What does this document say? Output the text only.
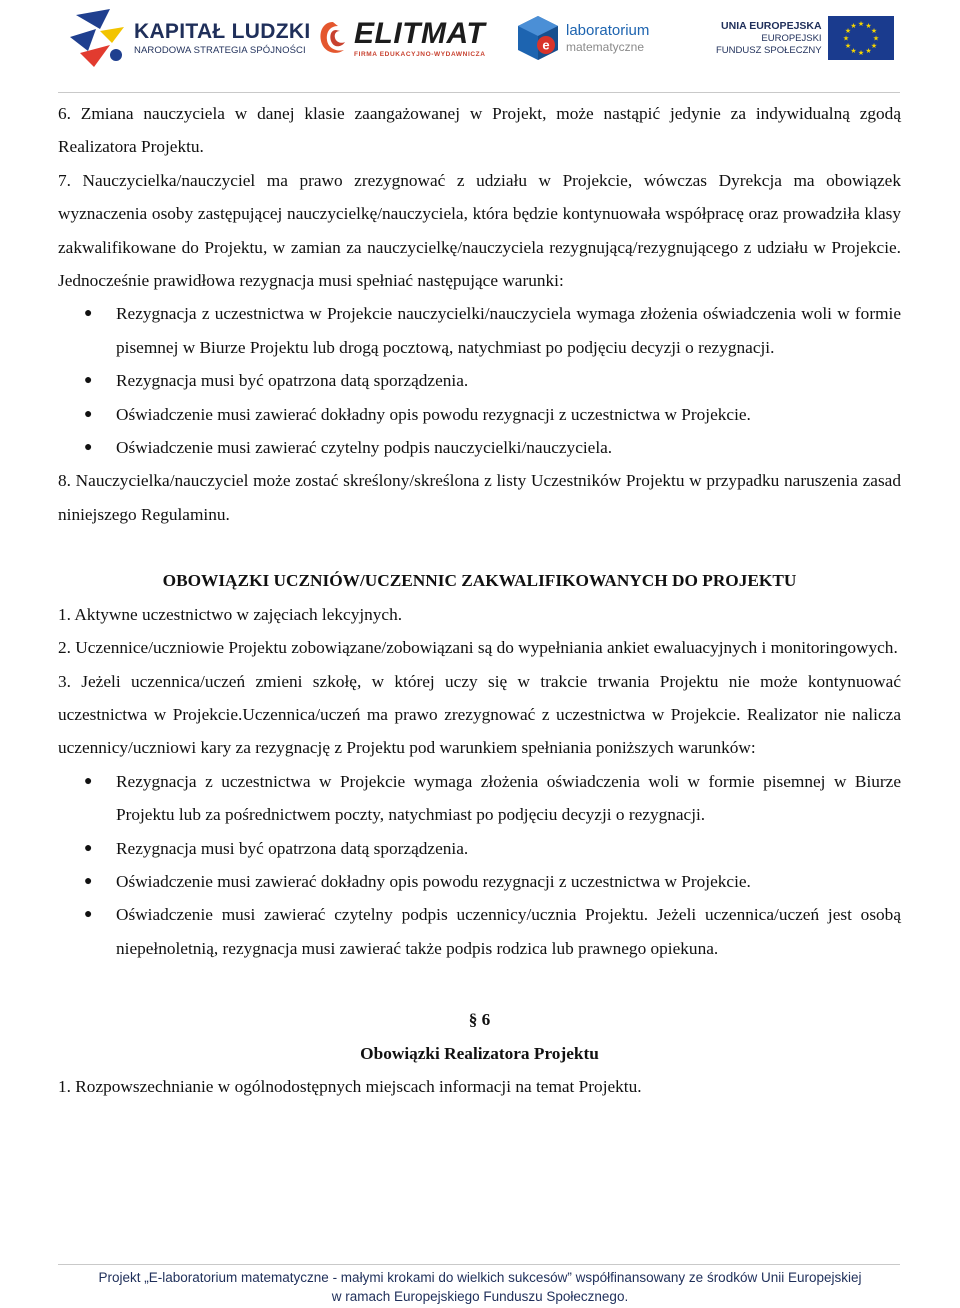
KAPITAŁ LUDZKI
NARODOWA STRATEGIA SPÓJNOŚCI
ELITMAT
FIRMA EDUKACYJNO-WYDAWNICZA
e
laboratorium
matematyczne
UNIA EUROPEJSKA
EUROPEJSKI
FUNDUSZ SPOŁECZNY
★ ★
★
★
★
★
★
★
★
★
★
★

6. Zmiana nauczyciela w danej klasie zaangażowanej w Projekt, może nastąpić jedynie za indywidualną zgodą Realizatora Projektu.

7. Nauczycielka/nauczyciel ma prawo zrezygnować z udziału w Projekcie, wówczas Dyrekcja ma obowiązek wyznaczenia osoby zastępującej nauczycielkę/nauczyciela, która będzie kontynuowała współpracę oraz prowadziła klasy zakwalifikowane do Projektu, w zamian za nauczycielkę/nauczyciela rezygnującą/rezygnującego z udziału w Projekcie. Jednocześnie prawidłowa rezygnacja musi spełniać następujące warunki:

● Rezygnacja z uczestnictwa w Projekcie nauczycielki/nauczyciela wymaga złożenia oświadczenia woli w formie pisemnej w Biurze Projektu lub drogą pocztową, natychmiast po podjęciu decyzji o rezygnacji.
● Rezygnacja musi być opatrzona datą sporządzenia.
● Oświadczenie musi zawierać dokładny opis powodu rezygnacji z uczestnictwa w Projekcie.
● Oświadczenie musi zawierać czytelny podpis nauczycielki/nauczyciela.

8. Nauczycielka/nauczyciel może zostać skreślony/skreślona z listy Uczestników Projektu w przypadku naruszenia zasad niniejszego Regulaminu.

OBOWIĄZKI UCZNIÓW/UCZENNIC ZAKWALIFIKOWANYCH DO PROJEKTU

1. Aktywne uczestnictwo w zajęciach lekcyjnych.

2. Uczennice/uczniowie Projektu zobowiązane/zobowiązani są do wypełniania ankiet ewaluacyjnych i monitoringowych.

3. Jeżeli uczennica/uczeń zmieni szkołę, w której uczy się w trakcie trwania Projektu nie może kontynuować uczestnictwa w Projekcie.Uczennica/uczeń ma prawo zrezygnować z uczestnictwa w Projekcie. Realizator nie nalicza uczennicy/uczniowi kary za rezygnację z Projektu pod warunkiem spełniania poniższych warunków:

● Rezygnacja z uczestnictwa w Projekcie wymaga złożenia oświadczenia woli w formie pisemnej w Biurze Projektu lub za pośrednictwem poczty, natychmiast po podjęciu decyzji o rezygnacji.
● Rezygnacja musi być opatrzona datą sporządzenia.
● Oświadczenie musi zawierać dokładny opis powodu rezygnacji z uczestnictwa w Projekcie.
● Oświadczenie musi zawierać czytelny podpis uczennicy/ucznia Projektu. Jeżeli uczennica/uczeń jest osobą niepełnoletnią, rezygnacja musi zawierać także podpis rodzica lub prawnego opiekuna.
§ 6
Obowiązki Realizatora Projektu

1. Rozpowszechnianie w ogólnodostępnych miejscach informacji na temat Projektu.

Projekt „E-laboratorium matematyczne - małymi krokami do wielkich sukcesów” współfinansowany ze środków Unii Europejskiej
w ramach Europejskiego Funduszu Społecznego.
